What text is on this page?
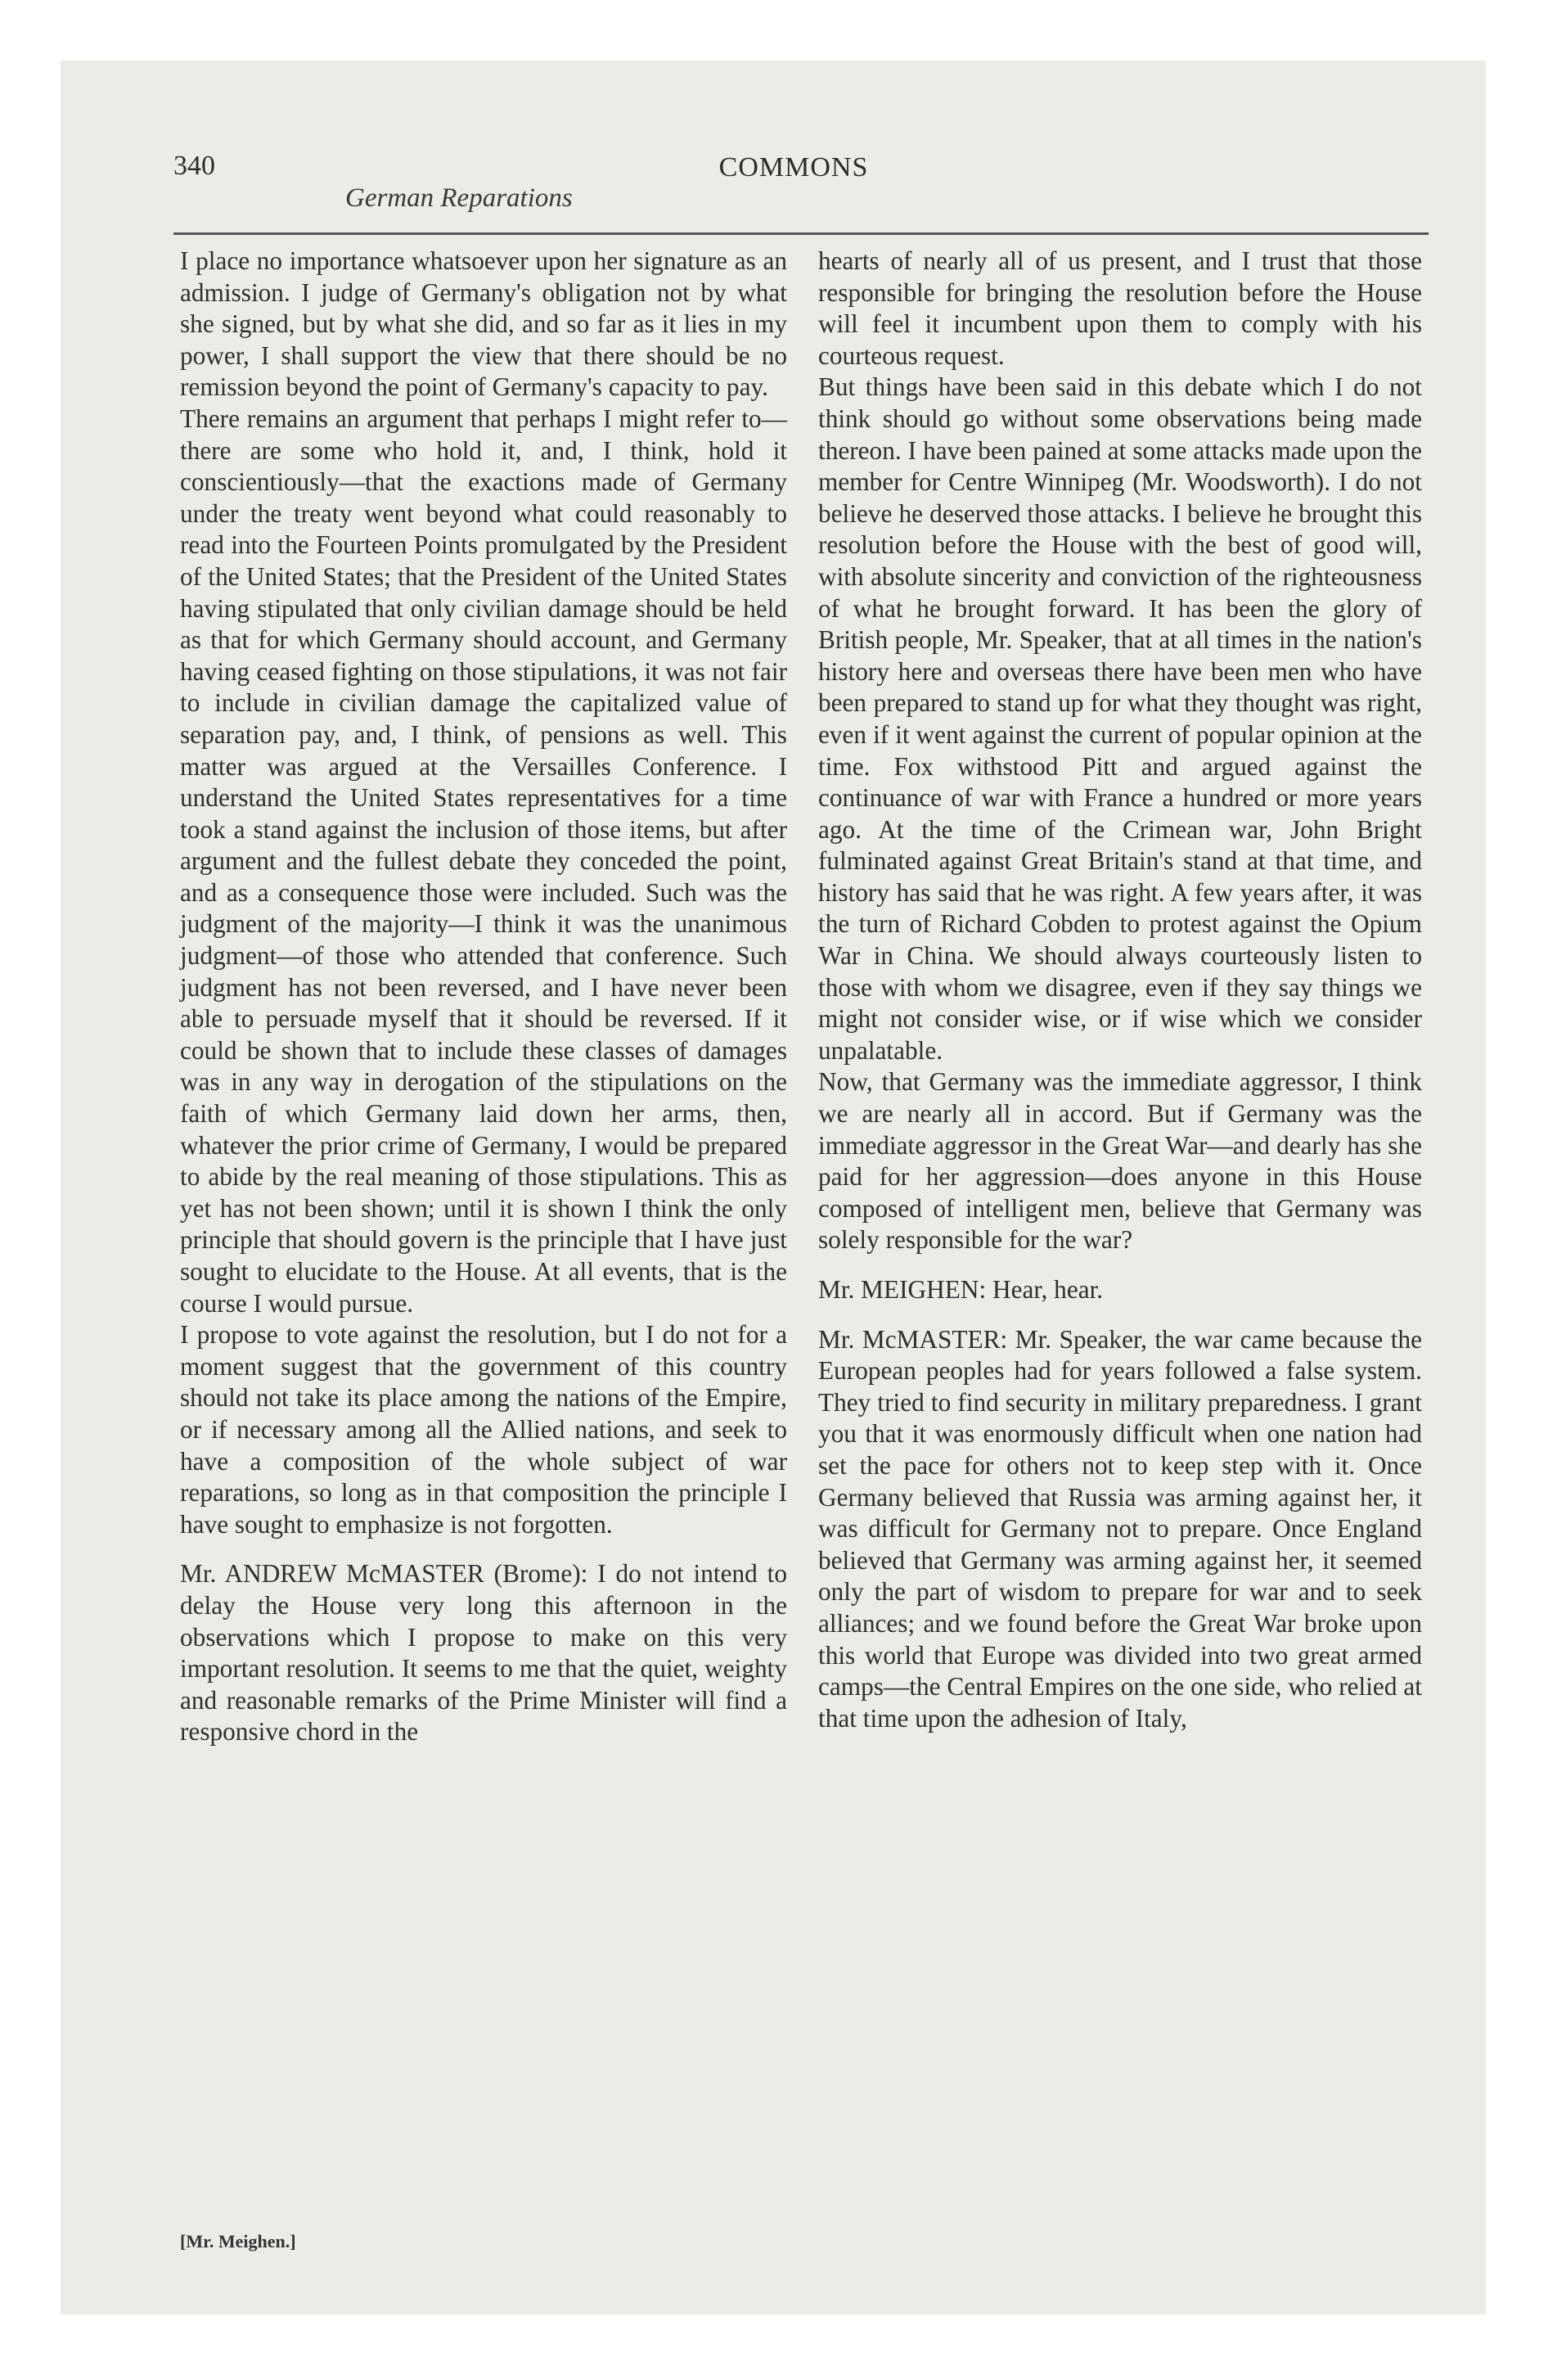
340	COMMONS

German Reparations

I place no importance whatsoever upon her signature as an admission. I judge of Germany's obligation not by what she signed, but by what she did, and so far as it lies in my power, I shall support the view that there should be no remission beyond the point of Germany's capacity to pay.

There remains an argument that perhaps I might refer to—there are some who hold it, and, I think, hold it conscientiously—that the exactions made of Germany under the treaty went beyond what could reasonably to read into the Fourteen Points promulgated by the President of the United States; that the President of the United States having stipulated that only civilian damage should be held as that for which Germany should account, and Germany having ceased fighting on those stipulations, it was not fair to include in civilian damage the capitalized value of separation pay, and, I think, of pensions as well. This matter was argued at the Versailles Conference. I understand the United States representatives for a time took a stand against the inclusion of those items, but after argument and the fullest debate they conceded the point, and as a consequence those were included. Such was the judgment of the majority—I think it was the unanimous judgment—of those who attended that conference. Such judgment has not been reversed, and I have never been able to persuade myself that it should be reversed. If it could be shown that to include these classes of damages was in any way in derogation of the stipulations on the faith of which Germany laid down her arms, then, whatever the prior crime of Germany, I would be prepared to abide by the real meaning of those stipulations. This as yet has not been shown; until it is shown I think the only principle that should govern is the principle that I have just sought to elucidate to the House. At all events, that is the course I would pursue.

I propose to vote against the resolution, but I do not for a moment suggest that the government of this country should not take its place among the nations of the Empire, or if necessary among all the Allied nations, and seek to have a composition of the whole subject of war reparations, so long as in that composition the principle I have sought to emphasize is not forgotten.

Mr. ANDREW McMASTER (Brome): I do not intend to delay the House very long this afternoon in the observations which I propose to make on this very important resolution. It seems to me that the quiet, weighty and reasonable remarks of the Prime Minister will find a responsive chord in the

hearts of nearly all of us present, and I trust that those responsible for bringing the resolution before the House will feel it incumbent upon them to comply with his courteous request.

But things have been said in this debate which I do not think should go without some observations being made thereon. I have been pained at some attacks made upon the member for Centre Winnipeg (Mr. Woodsworth). I do not believe he deserved those attacks. I believe he brought this resolution before the House with the best of good will, with absolute sincerity and conviction of the righteousness of what he brought forward. It has been the glory of British people, Mr. Speaker, that at all times in the nation's history here and overseas there have been men who have been prepared to stand up for what they thought was right, even if it went against the current of popular opinion at the time. Fox withstood Pitt and argued against the continuance of war with France a hundred or more years ago. At the time of the Crimean war, John Bright fulminated against Great Britain's stand at that time, and history has said that he was right. A few years after, it was the turn of Richard Cobden to protest against the Opium War in China. We should always courteously listen to those with whom we disagree, even if they say things we might not consider wise, or if wise which we consider unpalatable.

Now, that Germany was the immediate aggressor, I think we are nearly all in accord. But if Germany was the immediate aggressor in the Great War—and dearly has she paid for her aggression—does anyone in this House composed of intelligent men, believe that Germany was solely responsible for the war?

Mr. MEIGHEN: Hear, hear.

Mr. McMASTER: Mr. Speaker, the war came because the European peoples had for years followed a false system. They tried to find security in military preparedness. I grant you that it was enormously difficult when one nation had set the pace for others not to keep step with it. Once Germany believed that Russia was arming against her, it was difficult for Germany not to prepare. Once England believed that Germany was arming against her, it seemed only the part of wisdom to prepare for war and to seek alliances; and we found before the Great War broke upon this world that Europe was divided into two great armed camps—the Central Empires on the one side, who relied at that time upon the adhesion of Italy,

[Mr. Meighen.]
